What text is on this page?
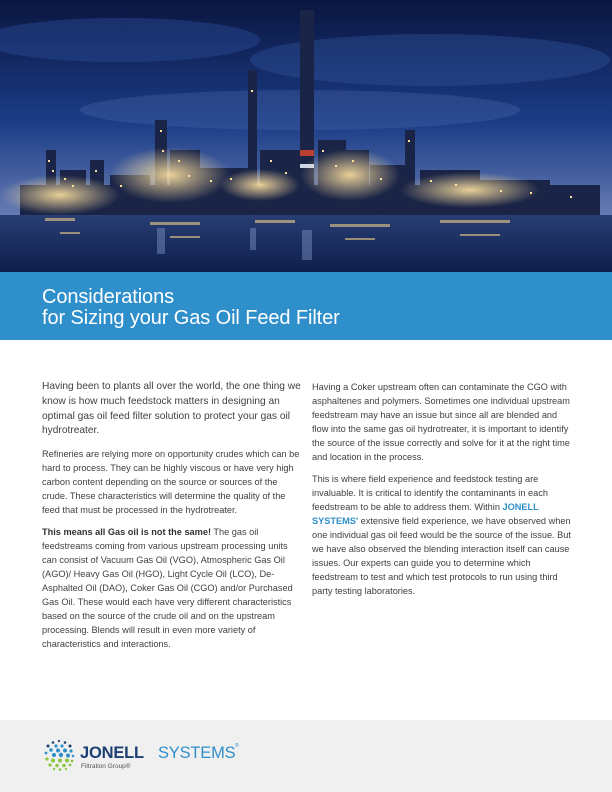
Considerations
for Sizing your Gas Oil Feed Filter

Having been to plants all over the world, the one thing we know is how much feedstock matters in designing an optimal gas oil feed filter solution to protect your gas oil hydrotreater.

Refineries are relying more on opportunity crudes which can be hard to process. They can be highly viscous or have very high carbon content depending on the source or sources of the crude. These characteristics will determine the quality of the feed that must be processed in the hydrotreater.

This means all Gas oil is not the same! The gas oil feedstreams coming from various upstream processing units can consist of Vacuum Gas Oil (VGO), Atmospheric Gas Oil (AGO)/ Heavy Gas Oil (HGO), Light Cycle Oil (LCO), De-Asphalted Oil (DAO), Coker Gas Oil (CGO) and/or Purchased Gas Oil. These would each have very different characteristics based on the source of the crude oil and on the upstream processing. Blends will result in even more variety of characteristics and interactions.

Having a Coker upstream often can contaminate the CGO with asphaltenes and polymers. Sometimes one individual upstream feedstream may have an issue but since all are blended and flow into the same gas oil hydrotreater, it is important to identify the source of the issue correctly and solve for it at the right time and location in the process.

This is where field experience and feedstock testing are invaluable. It is critical to identify the contaminants in each feedstream to be able to address them. Within JONELL SYSTEMS' extensive field experience, we have observed when one individual gas oil feed would be the source of the issue. But we have also observed the blending interaction itself can cause issues. Our experts can guide you to determine which feedstream to test and which test protocols to run using third party testing laboratories.

JONELL SYSTEMS ®
Filtration Group®
